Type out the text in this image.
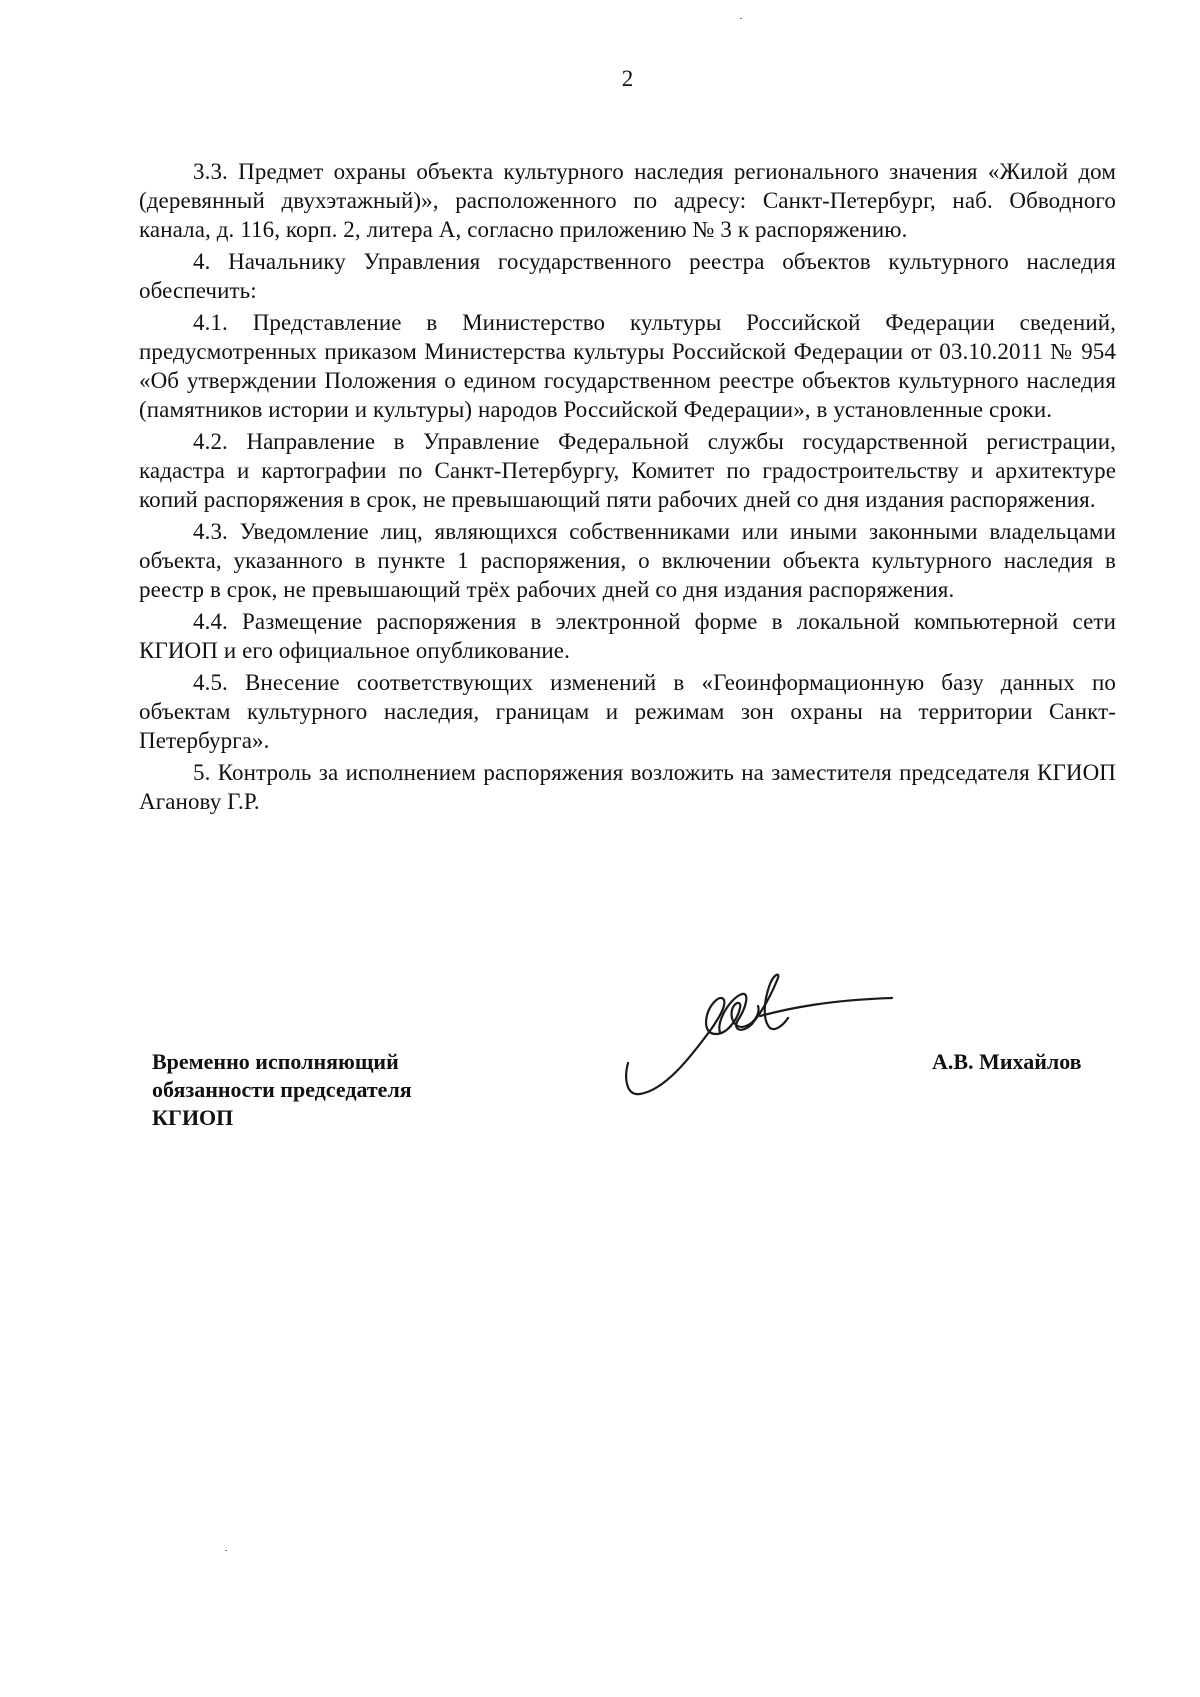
2

3.3. Предмет охраны объекта культурного наследия регионального значения «Жилой дом (деревянный двухэтажный)», расположенного по адресу: Санкт-Петербург, наб. Обводного канала, д. 116, корп. 2, литера А, согласно приложению № 3 к распоряжению.

4. Начальнику Управления государственного реестра объектов культурного наследия обеспечить:

4.1. Представление в Министерство культуры Российской Федерации сведений, предусмотренных приказом Министерства культуры Российской Федерации от 03.10.2011 № 954 «Об утверждении Положения о едином государственном реестре объектов культурного наследия (памятников истории и культуры) народов Российской Федерации», в установленные сроки.

4.2. Направление в Управление Федеральной службы государственной регистрации, кадастра и картографии по Санкт-Петербургу, Комитет по градостроительству и архитектуре копий распоряжения в срок, не превышающий пяти рабочих дней со дня издания распоряжения.

4.3. Уведомление лиц, являющихся собственниками или иными законными владельцами объекта, указанного в пункте 1 распоряжения, о включении объекта культурного наследия в реестр в срок, не превышающий трёх рабочих дней со дня издания распоряжения.

4.4. Размещение распоряжения в электронной форме в локальной компьютерной сети КГИОП и его официальное опубликование.

4.5. Внесение соответствующих изменений в «Геоинформационную базу данных по объектам культурного наследия, границам и режимам зон охраны на территории Санкт-Петербурга».

5. Контроль за исполнением распоряжения возложить на заместителя председателя КГИОП Аганову Г.Р.

Временно исполняющий
обязанности председателя
КГИОП
А.В. Михайлов
